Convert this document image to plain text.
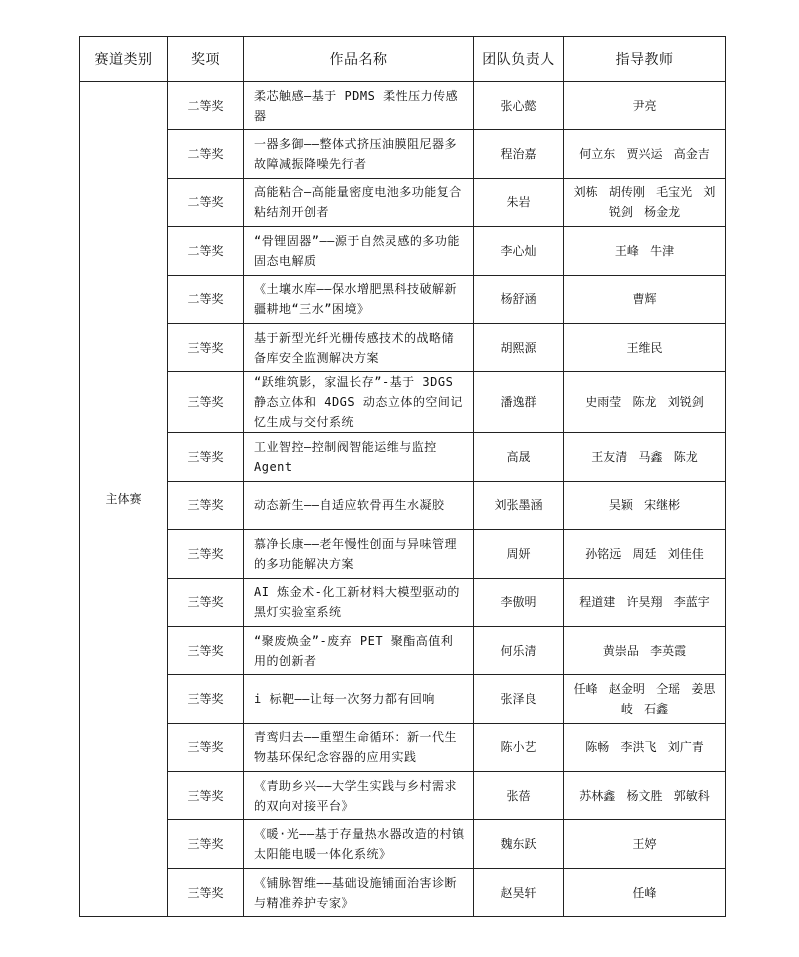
赛道类别	奖项	作品名称	团队负责人	指导教师
主体赛	二等奖	柔芯触感—基于 PDMS 柔性压力传感器	张心懿	尹亮
	二等奖	一器多御——整体式挤压油膜阻尼器多故障减振降噪先行者	程治嘉	何立东 贾兴运 高金吉
	二等奖	高能粘合—高能量密度电池多功能复合粘结剂开创者	朱岩	刘栋 胡传刚 毛宝光 刘锐剑 杨金龙
	二等奖	“骨锂固器”——源于自然灵感的多功能固态电解质	李心灿	王峰 牛津
	二等奖	《土壤水库——保水增肥黑科技破解新疆耕地“三水”困境》	杨舒涵	曹辉
	三等奖	基于新型光纤光栅传感技术的战略储备库安全监测解决方案	胡熙源	王维民
	三等奖	“跃维筑影，家温长存”-基于 3DGS 静态立体和 4DGS 动态立体的空间记忆生成与交付系统	潘逸群	史雨莹 陈龙 刘锐剑
	三等奖	工业智控—控制阀智能运维与监控 Agent	高晟	王友清 马鑫 陈龙
	三等奖	动态新生——自适应软骨再生水凝胶	刘张墨涵	吴颖 宋继彬
	三等奖	慕净长康——老年慢性创面与异味管理的多功能解决方案	周妍	孙铭远 周廷 刘佳佳
	三等奖	AI 炼金术-化工新材料大模型驱动的黑灯实验室系统	李傲明	程道建 许昊翔 李蓝宇
	三等奖	“聚废焕金”-废弃 PET 聚酯高值利用的创新者	何乐清	黄崇品 李英霞
	三等奖	i 标靶——让每一次努力都有回响	张泽良	任峰 赵金明 仝瑶 姜思岐 石鑫
	三等奖	青鸾归去——重塑生命循环：新一代生物基环保纪念容器的应用实践	陈小艺	陈畅 李洪飞 刘广青
	三等奖	《青助乡兴——大学生实践与乡村需求的双向对接平台》	张蓓	苏林鑫 杨文胜 郭敏科
	三等奖	《暖·光——基于存量热水器改造的村镇太阳能电暖一体化系统》	魏东跃	王婷
	三等奖	《铺脉智维——基础设施铺面治害诊断与精准养护专家》	赵昊轩	任峰
